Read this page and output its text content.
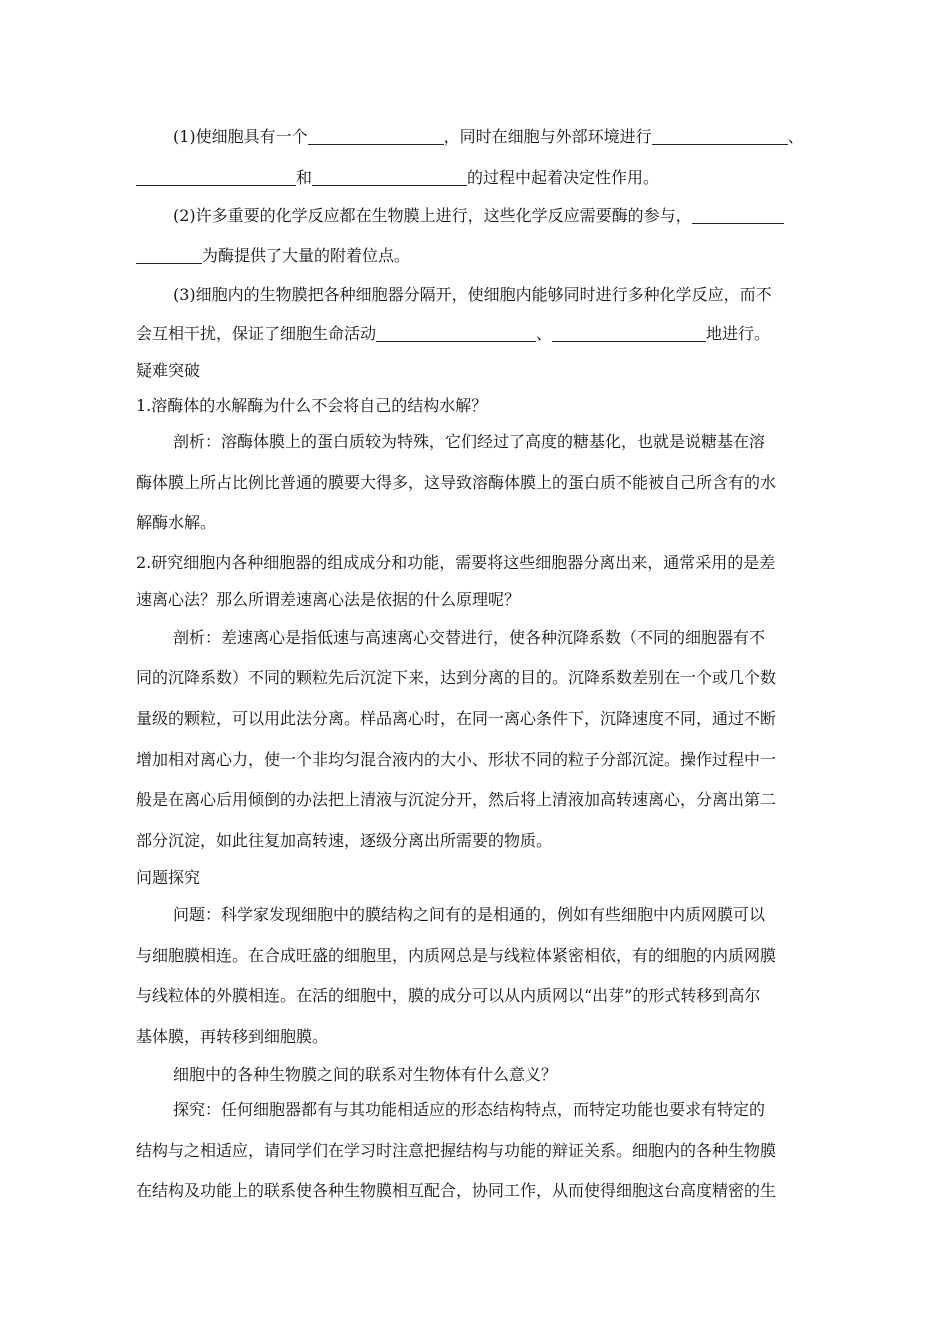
(1)使细胞具有一个	，同时在细胞与外部环境进行	、
和	的过程中起着决定性作用。
(2)许多重要的化学反应都在生物膜上进行，这些化学反应需要酶的参与，
为酶提供了大量的附着位点。
(3)细胞内的生物膜把各种细胞器分隔开，使细胞内能够同时进行多种化学反应，而不
会互相干扰，保证了细胞生命活动	、	地进行。
疑难突破
1.溶酶体的水解酶为什么不会将自己的结构水解？
剖析：溶酶体膜上的蛋白质较为特殊，它们经过了高度的糖基化，也就是说糖基在溶
酶体膜上所占比例比普通的膜要大得多，这导致溶酶体膜上的蛋白质不能被自己所含有的水
解酶水解。
2.研究细胞内各种细胞器的组成成分和功能，需要将这些细胞器分离出来，通常采用的是差
速离心法？那么所谓差速离心法是依据的什么原理呢？
剖析：差速离心是指低速与高速离心交替进行，使各种沉降系数（不同的细胞器有不
同的沉降系数）不同的颗粒先后沉淀下来，达到分离的目的。沉降系数差别在一个或几个数
量级的颗粒，可以用此法分离。样品离心时，在同一离心条件下，沉降速度不同，通过不断
增加相对离心力，使一个非均匀混合液内的大小、形状不同的粒子分部沉淀。操作过程中一
般是在离心后用倾倒的办法把上清液与沉淀分开，然后将上清液加高转速离心，分离出第二
部分沉淀，如此往复加高转速，逐级分离出所需要的物质。
问题探究
问题：科学家发现细胞中的膜结构之间有的是相通的，例如有些细胞中内质网膜可以
与细胞膜相连。在合成旺盛的细胞里，内质网总是与线粒体紧密相依，有的细胞的内质网膜
与线粒体的外膜相连。在活的细胞中，膜的成分可以从内质网以“出芽”的形式转移到高尔
基体膜，再转移到细胞膜。
细胞中的各种生物膜之间的联系对生物体有什么意义？
探究：任何细胞器都有与其功能相适应的形态结构特点，而特定功能也要求有特定的
结构与之相适应，请同学们在学习时注意把握结构与功能的辩证关系。细胞内的各种生物膜
在结构及功能上的联系使各种生物膜相互配合，协同工作，从而使得细胞这台高度精密的生
